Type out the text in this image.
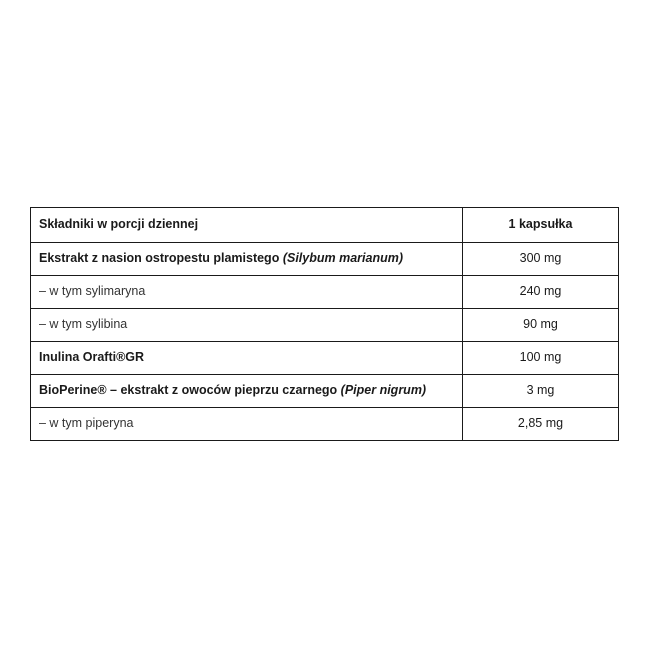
Składniki w porcji dziennej	1 kapsułka
Ekstrakt z nasion ostropestu plamistego (Silybum marianum)	300 mg
– w tym sylimaryna	240 mg
– w tym sylibina	90 mg
Inulina Orafti®GR	100 mg
BioPerine® – ekstrakt z owoców pieprzu czarnego (Piper nigrum)	3 mg
– w tym piperyna	2,85 mg
